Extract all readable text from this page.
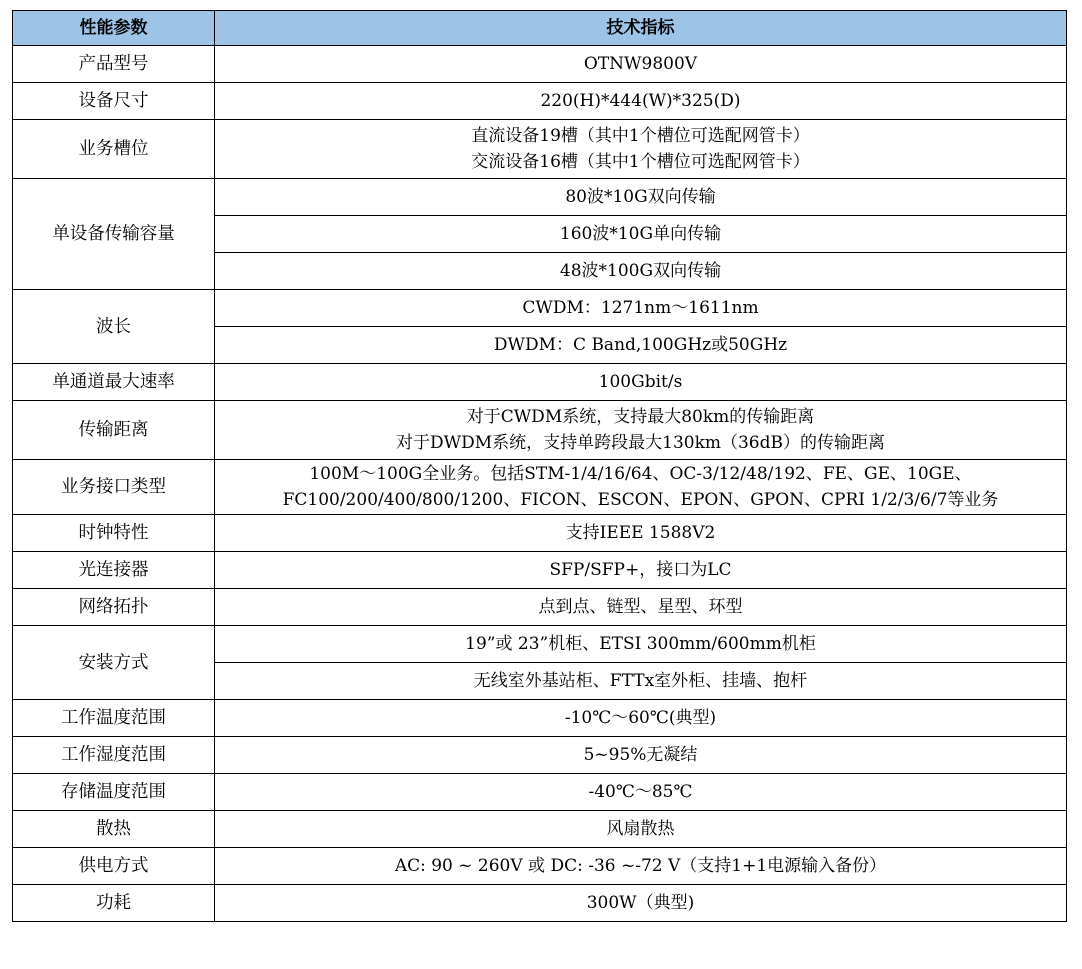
性能参数	技术指标
产品型号	OTNW9800V
设备尺寸	220(H)*444(W)*325(D)
业务槽位	直流设备19槽（其中1个槽位可选配网管卡）
交流设备16槽（其中1个槽位可选配网管卡）

单设备传输容量	80波*10G双向传输
	160波*10G单向传输
	48波*100G双向传输
波长	CWDM：1271nm～1611nm
	DWDM：C Band,100GHz或50GHz
单通道最大速率	100Gbit/s
传输距离	对于CWDM系统，支持最大80km的传输距离
对于DWDM系统，支持单跨段最大130km（36dB）的传输距离

业务接口类型	100M～100G全业务。包括STM-1/4/16/64、OC-3/12/48/192、FE、GE、10GE、
FC100/200/400/800/1200、FICON、ESCON、EPON、GPON、CPRI 1/2/3/6/7等业务

时钟特性	支持IEEE 1588V2
光连接器	SFP/SFP+，接口为LC
网络拓扑	点到点、链型、星型、环型
安装方式	19”或 23”机柜、ETSI 300mm/600mm机柜
	无线室外基站柜、FTTx室外柜、挂墙、抱杆
工作温度范围	-10℃～60℃(典型)
工作湿度范围	5~95%无凝结
存储温度范围	-40℃～85℃
散热	风扇散热
供电方式	AC: 90 ~ 260V 或 DC: -36 ~-72 V（支持1+1电源输入备份）
功耗	300W（典型)
